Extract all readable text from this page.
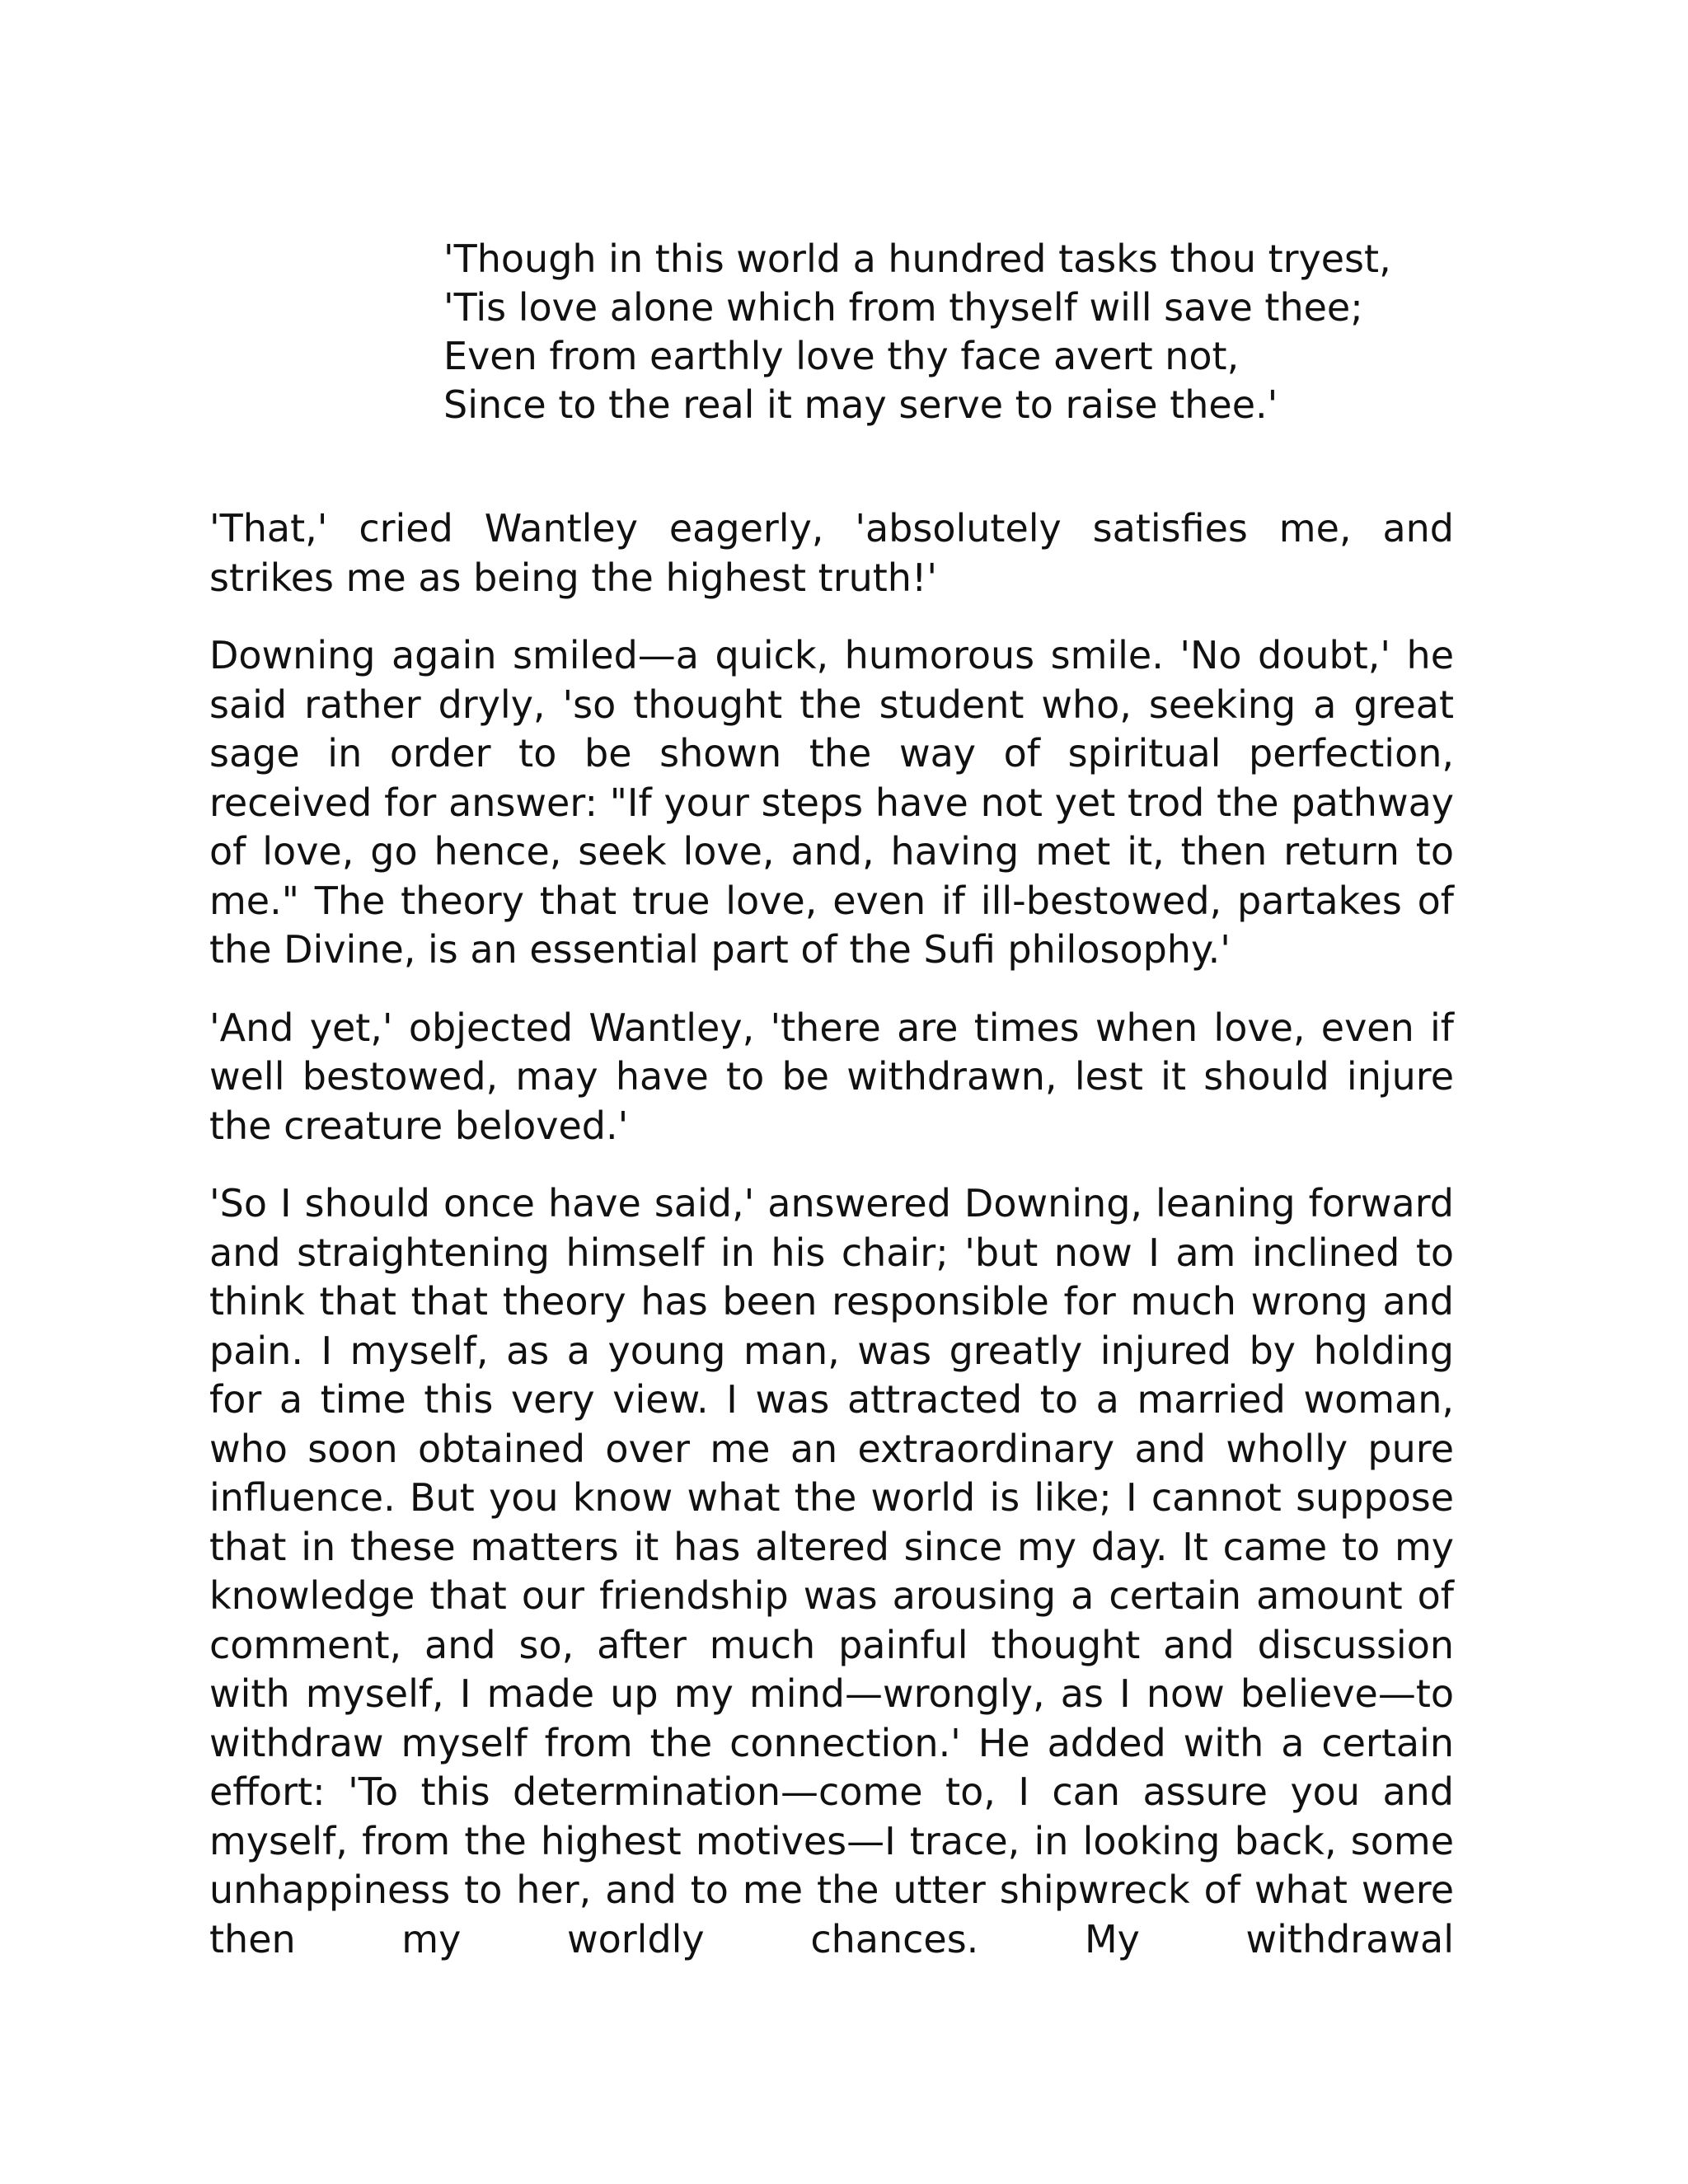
'Though in this world a hundred tasks thou tryest,
'Tis love alone which from thyself will save thee;
Even from earthly love thy face avert not,
Since to the real it may serve to raise thee.'

'That,' cried Wantley eagerly, 'absolutely satisfies me, and strikes me as being the highest truth!'

Downing again smiled—a quick, humorous smile. 'No doubt,' he said rather dryly, 'so thought the student who, seeking a great sage in order to be shown the way of spiritual perfection, received for answer: "If your steps have not yet trod the pathway of love, go hence, seek love, and, having met it, then return to me." The theory that true love, even if ill-bestowed, partakes of the Divine, is an essential part of the Sufi philosophy.'

'And yet,' objected Wantley, 'there are times when love, even if well bestowed, may have to be withdrawn, lest it should injure the creature beloved.'

'So I should once have said,' answered Downing, leaning forward and straightening himself in his chair; 'but now I am inclined to think that that theory has been responsible for much wrong and pain. I myself, as a young man, was greatly injured by holding for a time this very view. I was attracted to a married woman, who soon obtained over me an extraordinary and wholly pure influence. But you know what the world is like; I cannot suppose that in these matters it has altered since my day. It came to my knowledge that our friendship was arousing a certain amount of comment, and so, after much painful thought and discussion with myself, I made up my mind—wrongly, as I now believe—to withdraw myself from the connection.' He added with a certain effort: 'To this determination—come to, I can assure you and myself, from the highest motives—I trace, in looking back, some unhappiness to her, and to me the utter shipwreck of what were then my worldly chances. My withdrawal
